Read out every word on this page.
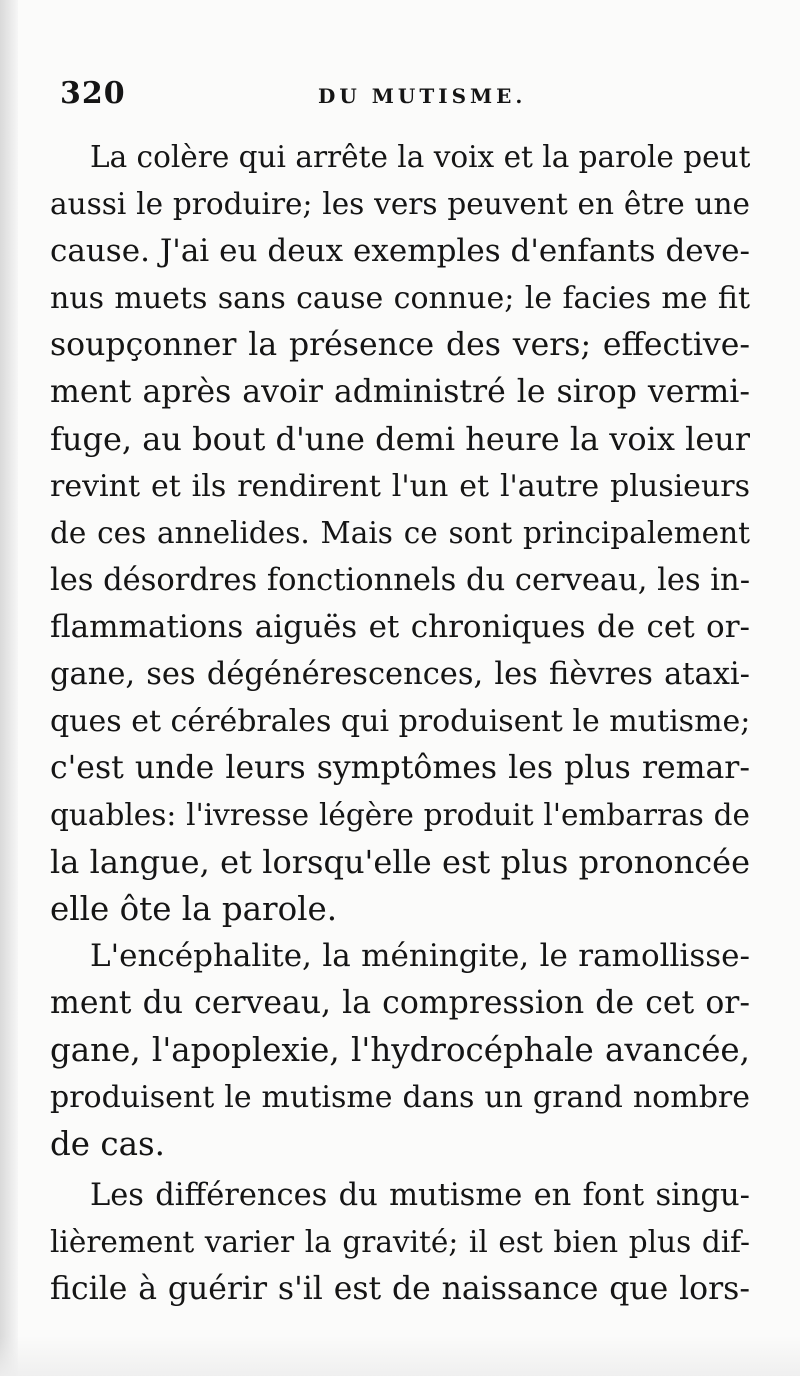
320	DU MUTISME.
La colère qui arrête la voix et la parole peut
aussi le produire; les vers peuvent en être une
cause. J'ai eu deux exemples d'enfants deve-
nus muets sans cause connue; le facies me fit
soupçonner la présence des vers; effective-
ment après avoir administré le sirop vermi-
fuge, au bout d'une demi heure la voix leur
revint et ils rendirent l'un et l'autre plusieurs
de ces annelides. Mais ce sont principalement
les désordres fonctionnels du cerveau, les in-
flammations aiguës et chroniques de cet or-
gane, ses dégénérescences, les fièvres ataxi-
ques et cérébrales qui produisent le mutisme;
c'est unde leurs symptômes les plus remar-
quables: l'ivresse légère produit l'embarras de
la langue, et lorsqu'elle est plus prononcée
elle ôte la parole.
L'encéphalite, la méningite, le ramollisse-
ment du cerveau, la compression de cet or-
gane, l'apoplexie, l'hydrocéphale avancée,
produisent le mutisme dans un grand nombre
de cas.
Les différences du mutisme en font singu-
lièrement varier la gravité; il est bien plus dif-
ficile à guérir s'il est de naissance que lors-
